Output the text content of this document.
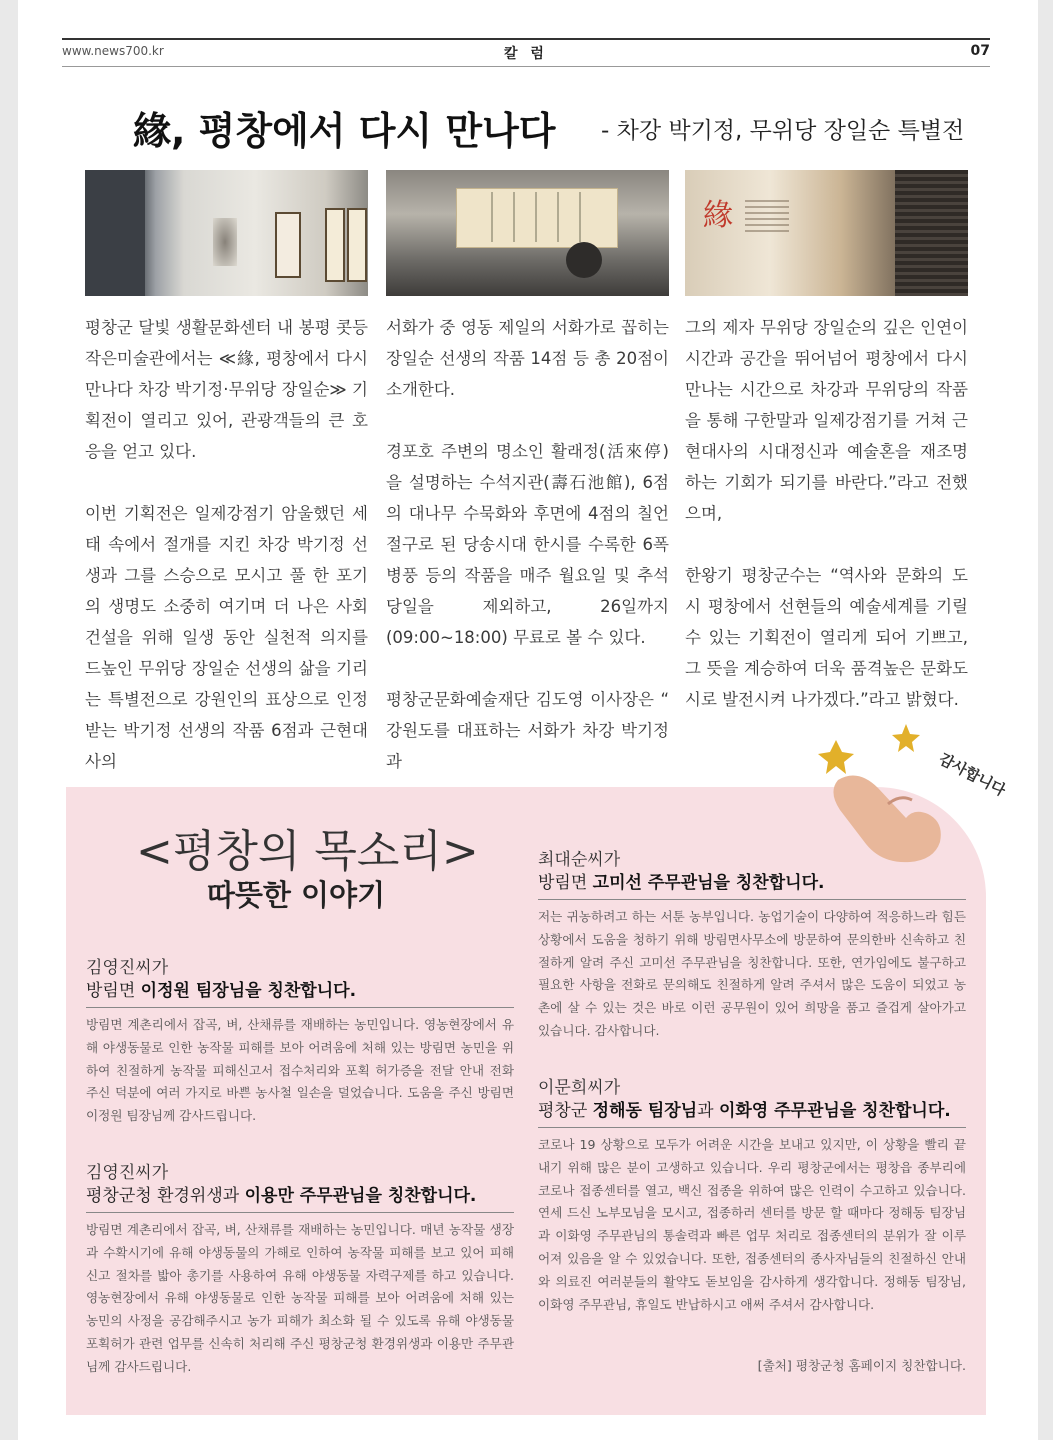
www.news700.kr	칼 럼	07
緣, 평창에서 다시 만나다 - 차강 박기정, 무위당 장일순 특별전
緣

평창군 달빛 생활문화센터 내 봉평 콧등 작은미술관에서는 ≪緣, 평창에서 다시 만나다 차강 박기정·무위당 장일순≫ 기획전이 열리고 있어, 관광객들의 큰 호응을 얻고 있다.

이번 기획전은 일제강점기 암울했던 세태 속에서 절개를 지킨 차강 박기정 선생과 그를 스승으로 모시고 풀 한 포기의 생명도 소중히 여기며 더 나은 사회 건설을 위해 일생 동안 실천적 의지를 드높인 무위당 장일순 선생의 삶을 기리는 특별전으로 강원인의 표상으로 인정받는 박기정 선생의 작품 6점과 근현대사의

서화가 중 영동 제일의 서화가로 꼽히는 장일순 선생의 작품 14점 등 총 20점이 소개한다.

경포호 주변의 명소인 활래정(活來停)을 설명하는 수석지관(壽石池館), 6점의 대나무 수묵화와 후면에 4점의 칠언절구로 된 당송시대 한시를 수록한 6폭 병풍 등의 작품을 매주 월요일 및 추석 당일을 제외하고, 26일까지(09:00~18:00) 무료로 볼 수 있다.

평창군문화예술재단 김도영 이사장은 “ 강원도를 대표하는 서화가 차강 박기정과

그의 제자 무위당 장일순의 깊은 인연이 시간과 공간을 뛰어넘어 평창에서 다시 만나는 시간으로 차강과 무위당의 작품을 통해 구한말과 일제강점기를 거쳐 근현대사의 시대정신과 예술혼을 재조명하는 기회가 되기를 바란다.”라고 전했으며,

한왕기 평창군수는 “역사와 문화의 도시 평창에서 선현들의 예술세계를 기릴 수 있는 기획전이 열리게 되어 기쁘고, 그 뜻을 계승하여 더욱 품격높은 문화도시로 발전시켜 나가겠다.”라고 밝혔다.

<평창의 목소리>
따뜻한 이야기
김영진씨가
방림면 이정원 팀장님을 칭찬합니다.
방림면 계촌리에서 잡곡, 벼, 산채류를 재배하는 농민입니다. 영농현장에서 유해 야생동물로 인한 농작물 피해를 보아 어려움에 처해 있는 방림면 농민을 위하여 친절하게 농작물 피해신고서 접수처리와 포획 허가증을 전달 안내 전화 주신 덕분에 여러 가지로 바쁜 농사철 일손을 덜었습니다. 도움을 주신 방림면 이정원 팀장님께 감사드립니다.
김영진씨가
평창군청 환경위생과 이용만 주무관님을 칭찬합니다.
방림면 계촌리에서 잡곡, 벼, 산채류를 재배하는 농민입니다. 매년 농작물 생장과 수확시기에 유해 야생동물의 가해로 인하여 농작물 피해를 보고 있어 피해 신고 절차를 밟아 총기를 사용하여 유해 야생동물 자력구제를 하고 있습니다. 영농현장에서 유해 야생동물로 인한 농작물 피해를 보아 어려움에 처해 있는 농민의 사정을 공감해주시고 농가 피해가 최소화 될 수 있도록 유해 야생동물 포획허가 관련 업무를 신속히 처리해 주신 평창군청 환경위생과 이용만 주무관님께 감사드립니다.
최대순씨가
방림면 고미선 주무관님을 칭찬합니다.
저는 귀농하려고 하는 서툰 농부입니다. 농업기술이 다양하여 적응하느라 힘든 상황에서 도움을 청하기 위해 방림면사무소에 방문하여 문의한바 신속하고 친절하게 알려 주신 고미선 주무관님을 칭찬합니다. 또한, 연가임에도 불구하고 필요한 사항을 전화로 문의해도 친절하게 알려 주셔서 많은 도움이 되었고 농촌에 살 수 있는 것은 바로 이런 공무원이 있어 희망을 품고 즐겁게 살아가고 있습니다. 감사합니다.
이문희씨가
평창군 정해동 팀장님과 이화영 주무관님을 칭찬합니다.
코로나 19 상황으로 모두가 어려운 시간을 보내고 있지만, 이 상황을 빨리 끝내기 위해 많은 분이 고생하고 있습니다. 우리 평창군에서는 평창읍 종부리에 코로나 접종센터를 열고, 백신 접종을 위하여 많은 인력이 수고하고 있습니다. 연세 드신 노부모님을 모시고, 접종하러 센터를 방문 할 때마다 정해동 팀장님과 이화영 주무관님의 통솔력과 빠른 업무 처리로 접종센터의 분위가 잘 이루어져 있음을 알 수 있었습니다. 또한, 접종센터의 종사자님들의 친절하신 안내와 의료진 여러분들의 활약도 돋보임을 감사하게 생각합니다. 정해동 팀장님, 이화영 주무관님, 휴일도 반납하시고 애써 주셔서 감사합니다.
[출처] 평창군청 홈페이지 칭찬합니다.
감사합니다
